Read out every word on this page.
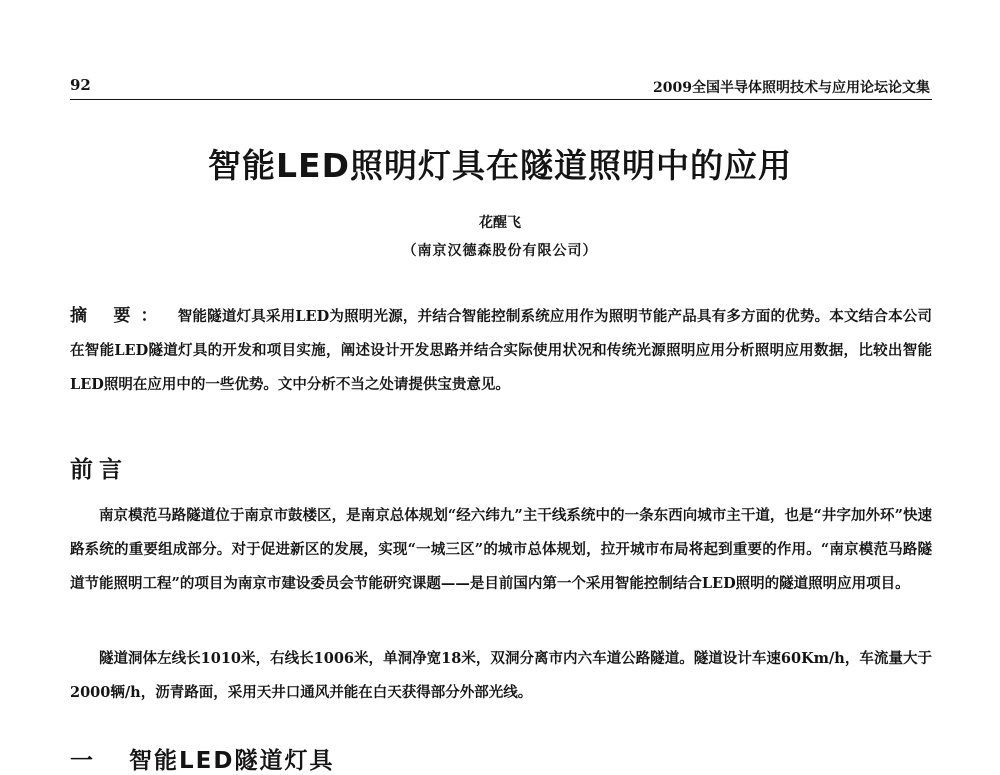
92	2009全国半导体照明技术与应用论坛论文集
智能LED照明灯具在隧道照明中的应用
花醒飞
（南京汉德森股份有限公司）
摘 要： 智能隧道灯具采用LED为照明光源，并结合智能控制系统应用作为照明节能产品具有多方面的优势。本文结合本公司在智能LED隧道灯具的开发和项目实施，阐述设计开发思路并结合实际使用状况和传统光源照明应用分析照明应用数据，比较出智能LED照明在应用中的一些优势。文中分析不当之处请提供宝贵意见。
前言
南京模范马路隧道位于南京市鼓楼区，是南京总体规划“经六纬九”主干线系统中的一条东西向城市主干道，也是“井字加外环”快速路系统的重要组成部分。对于促进新区的发展，实现“一城三区”的城市总体规划，拉开城市布局将起到重要的作用。“南京模范马路隧道节能照明工程”的项目为南京市建设委员会节能研究课题——是目前国内第一个采用智能控制结合LED照明的隧道照明应用项目。
隧道洞体左线长1010米，右线长1006米，单洞净宽18米，双洞分离市内六车道公路隧道。隧道设计车速60Km/h，车流量大于2000辆/h，沥青路面，采用天井口通风并能在白天获得部分外部光线。
一 智能LED隧道灯具
